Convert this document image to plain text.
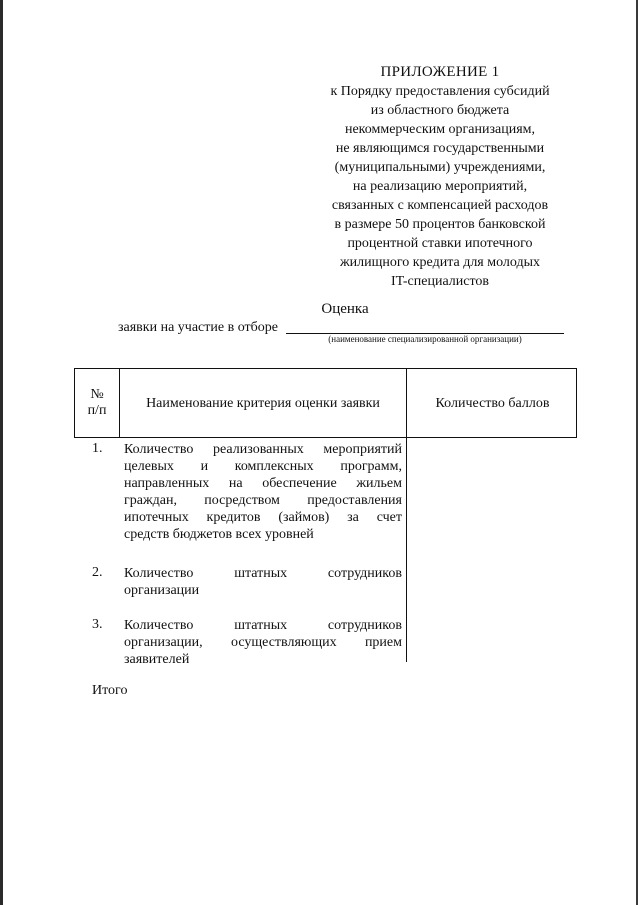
ПРИЛОЖЕНИЕ 1
к Порядку предоставления субсидий
из областного бюджета
некоммерческим организациям,
не являющимся государственными
(муниципальными) учреждениями,
на реализацию мероприятий,
связанных с компенсацией расходов
в размере 50 процентов банковской
процентной ставки ипотечного
жилищного кредита для молодых
IT-специалистов
Оценка
заявки на участие в отборе
(наименование специализированной организации)
№
п/п	Наименование критерия оценки заявки	Количество баллов
1. Количество реализованных мероприятий
целевых и комплексных программ,
направленных на обеспечение жильем
граждан, посредством предоставления
ипотечных кредитов (займов) за счет
средств бюджетов всех уровней
2. Количество штатных сотрудников
организации
3. Количество штатных сотрудников
организации, осуществляющих прием
заявителей
Итого
